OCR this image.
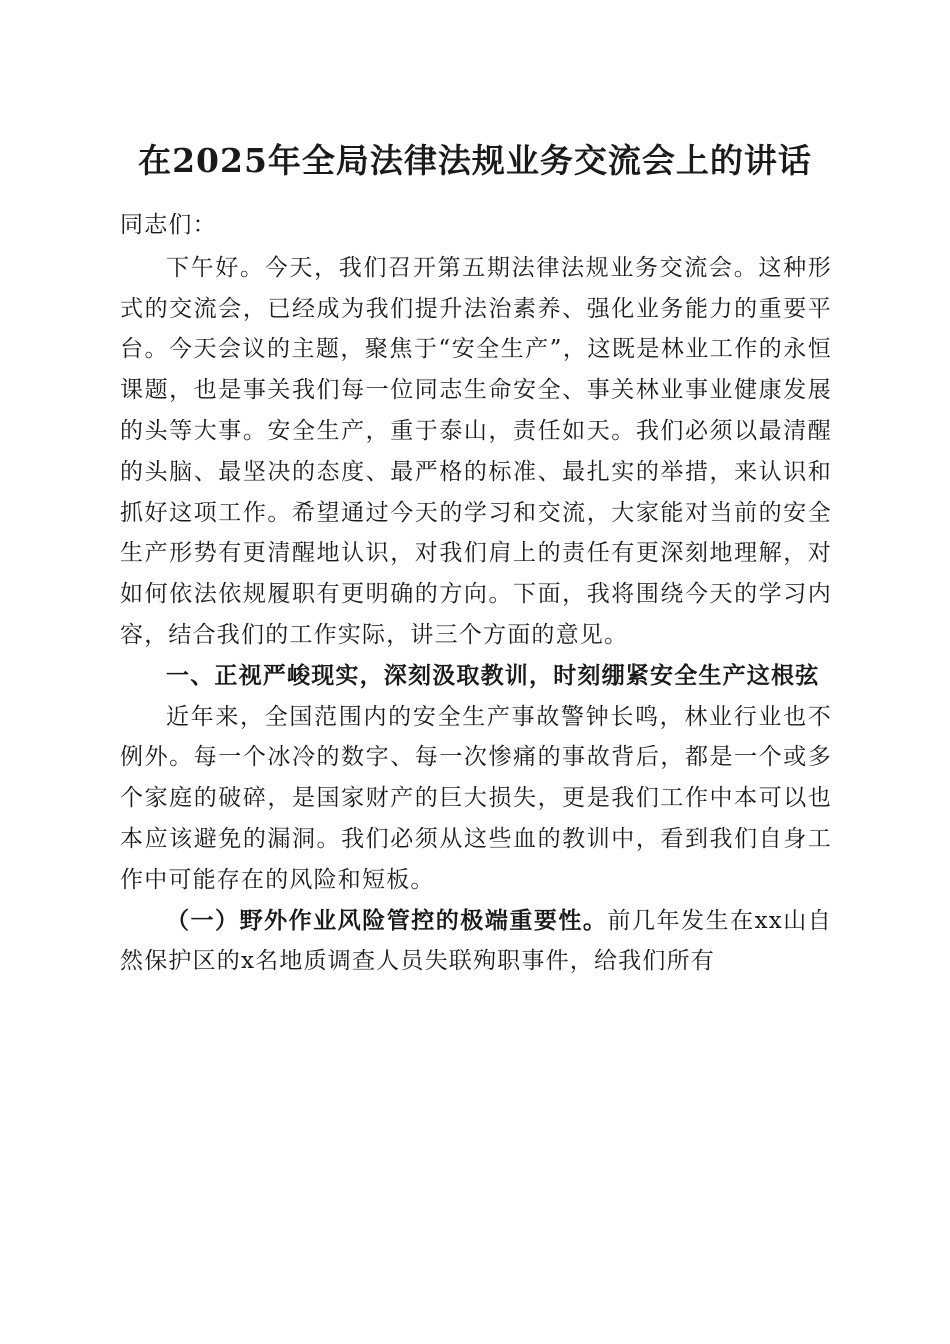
在2025年全局法律法规业务交流会上的讲话

同志们：

下午好。今天，我们召开第五期法律法规业务交流会。这种形式的交流会，已经成为我们提升法治素养、强化业务能力的重要平台。今天会议的主题，聚焦于“安全生产”，这既是林业工作的永恒课题，也是事关我们每一位同志生命安全、事关林业事业健康发展的头等大事。安全生产，重于泰山，责任如天。我们必须以最清醒的头脑、最坚决的态度、最严格的标准、最扎实的举措，来认识和抓好这项工作。希望通过今天的学习和交流，大家能对当前的安全生产形势有更清醒地认识，对我们肩上的责任有更深刻地理解，对如何依法依规履职有更明确的方向。下面，我将围绕今天的学习内容，结合我们的工作实际，讲三个方面的意见。

一、正视严峻现实，深刻汲取教训，时刻绷紧安全生产这根弦

近年来，全国范围内的安全生产事故警钟长鸣，林业行业也不例外。每一个冰冷的数字、每一次惨痛的事故背后，都是一个或多个家庭的破碎，是国家财产的巨大损失，更是我们工作中本可以也本应该避免的漏洞。我们必须从这些血的教训中，看到我们自身工作中可能存在的风险和短板。

（一）野外作业风险管控的极端重要性。前几年发生在xx山自然保护区的x名地质调查人员失联殉职事件，给我们所有
